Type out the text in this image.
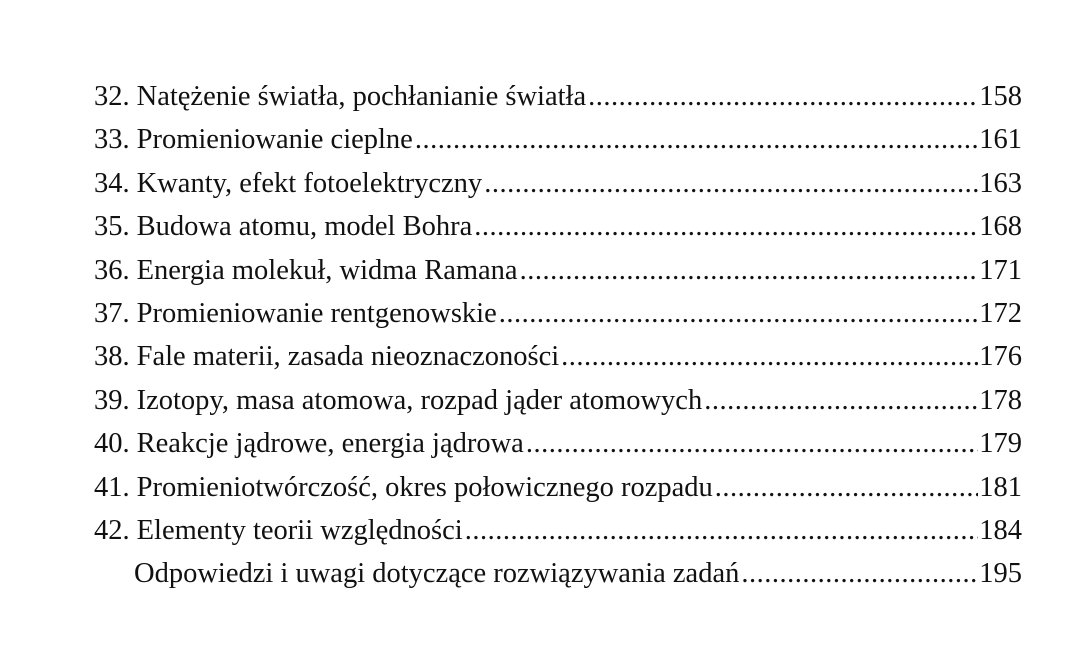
32. Natężenie światła, pochłanianie światła .....	158
33. Promieniowanie cieplne .....	161
34. Kwanty, efekt fotoelektryczny .....	163
35. Budowa atomu, model Bohra .....	168
36. Energia molekuł, widma Ramana .....	171
37. Promieniowanie rentgenowskie .....	172
38. Fale materii, zasada nieoznaczoności .....	176
39. Izotopy, masa atomowa, rozpad jąder atomowych .....	178
40. Reakcje jądrowe, energia jądrowa .....	179
41. Promieniotwórczość, okres połowicznego rozpadu .....	181
42. Elementy teorii względności .....	184
Odpowiedzi i uwagi dotyczące rozwiązywania zadań .....	195
